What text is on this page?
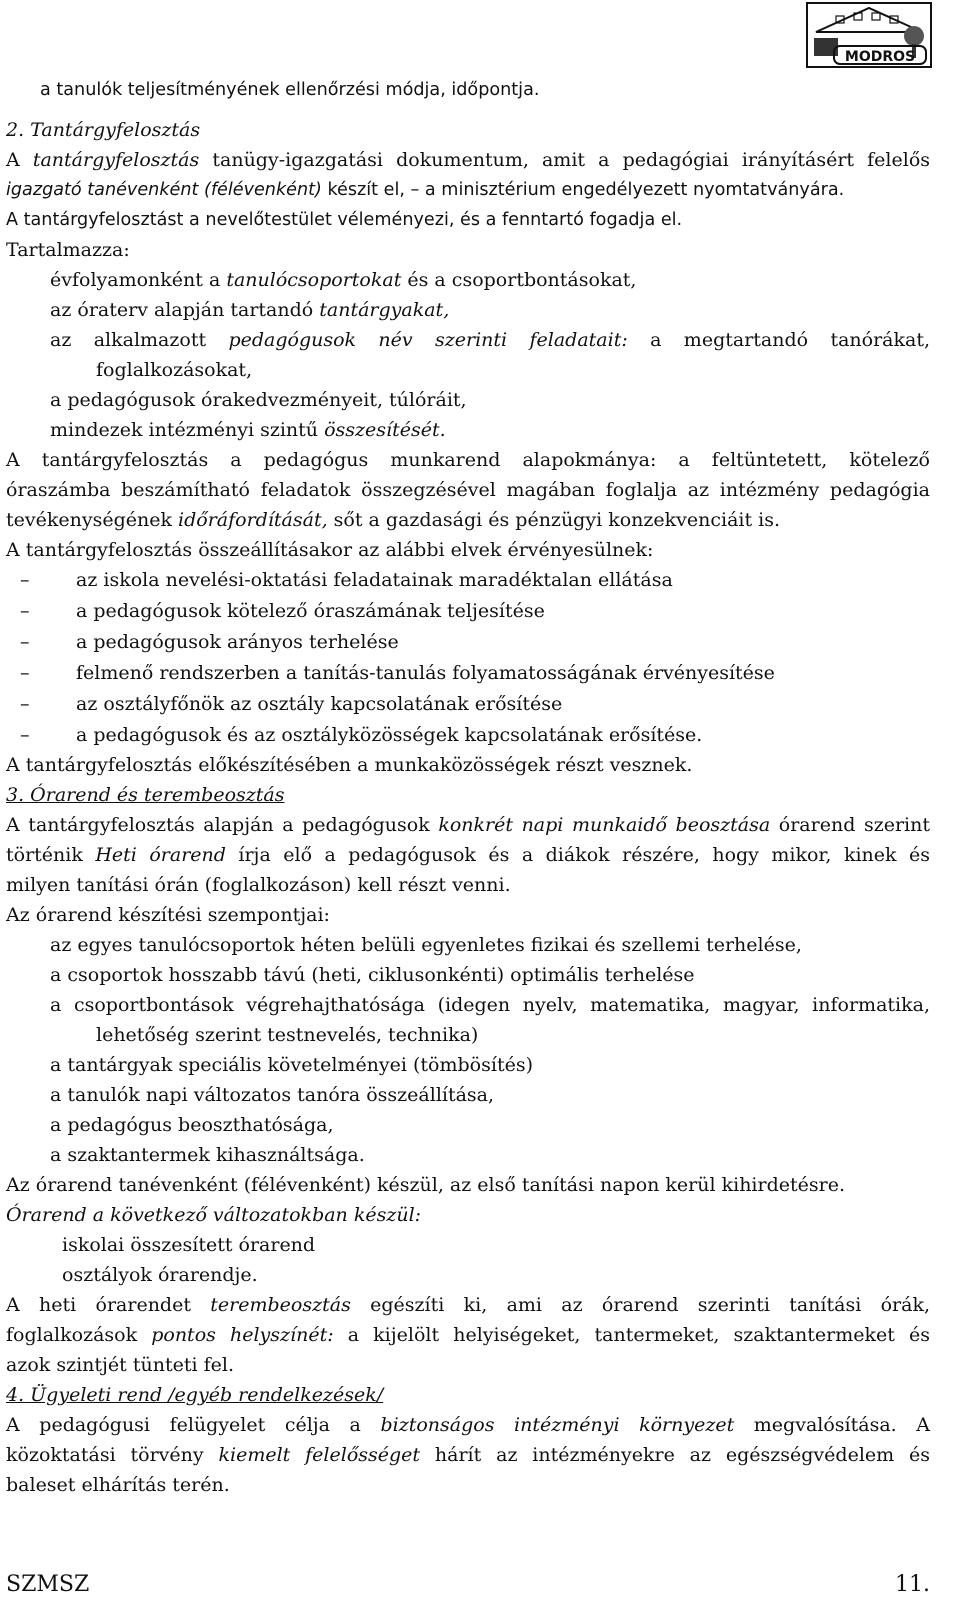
MODROS
a tanulók teljesítményének ellenőrzési módja, időpontja.
2. Tantárgyfelosztás
A tantárgyfelosztás tanügy-igazgatási dokumentum, amit a pedagógiai irányításért felelős
igazgató tanévenként (félévenként) készít el, – a minisztérium engedélyezett nyomtatványára.
A tantárgyfelosztást a nevelőtestület véleményezi, és a fenntartó fogadja el.
Tartalmazza:
évfolyamonként a tanulócsoportokat és a csoportbontásokat,
az óraterv alapján tartandó tantárgyakat,
az alkalmazott pedagógusok név szerinti feladatait: a megtartandó tanórákat,
foglalkozásokat,
a pedagógusok órakedvezményeit, túlóráit,
mindezek intézményi szintű összesítését.
A tantárgyfelosztás a pedagógus munkarend alapokmánya: a feltüntetett, kötelező
óraszámba beszámítható feladatok összegzésével magában foglalja az intézmény pedagógia
tevékenységének időráfordítását, sőt a gazdasági és pénzügyi konzekvenciáit is.
A tantárgyfelosztás összeállításakor az alábbi elvek érvényesülnek:
– az iskola nevelési-oktatási feladatainak maradéktalan ellátása
– a pedagógusok kötelező óraszámának teljesítése
– a pedagógusok arányos terhelése
– felmenő rendszerben a tanítás-tanulás folyamatosságának érvényesítése
– az osztályfőnök az osztály kapcsolatának erősítése
– a pedagógusok és az osztályközösségek kapcsolatának erősítése.
A tantárgyfelosztás előkészítésében a munkaközösségek részt vesznek.
3. Órarend és terembeosztás
A tantárgyfelosztás alapján a pedagógusok konkrét napi munkaidő beosztása órarend szerint
történik Heti órarend írja elő a pedagógusok és a diákok részére, hogy mikor, kinek és
milyen tanítási órán (foglalkozáson) kell részt venni.
Az órarend készítési szempontjai:
az egyes tanulócsoportok héten belüli egyenletes fizikai és szellemi terhelése,
a csoportok hosszabb távú (heti, ciklusonkénti) optimális terhelése
a csoportbontások végrehajthatósága (idegen nyelv, matematika, magyar, informatika,
lehetőség szerint testnevelés, technika)
a tantárgyak speciális követelményei (tömbösítés)
a tanulók napi változatos tanóra összeállítása,
a pedagógus beoszthatósága,
a szaktantermek kihasználtsága.
Az órarend tanévenként (félévenként) készül, az első tanítási napon kerül kihirdetésre.
Órarend a következő változatokban készül:
iskolai összesített órarend
osztályok órarendje.
A heti órarendet terembeosztás egészíti ki, ami az órarend szerinti tanítási órák,
foglalkozások pontos helyszínét: a kijelölt helyiségeket, tantermeket, szaktantermeket és
azok szintjét tünteti fel.
4. Ügyeleti rend /egyéb rendelkezések/
A pedagógusi felügyelet célja a biztonságos intézményi környezet megvalósítása. A
közoktatási törvény kiemelt felelősséget hárít az intézményekre az egészségvédelem és
baleset elhárítás terén.
SZMSZ	11.
